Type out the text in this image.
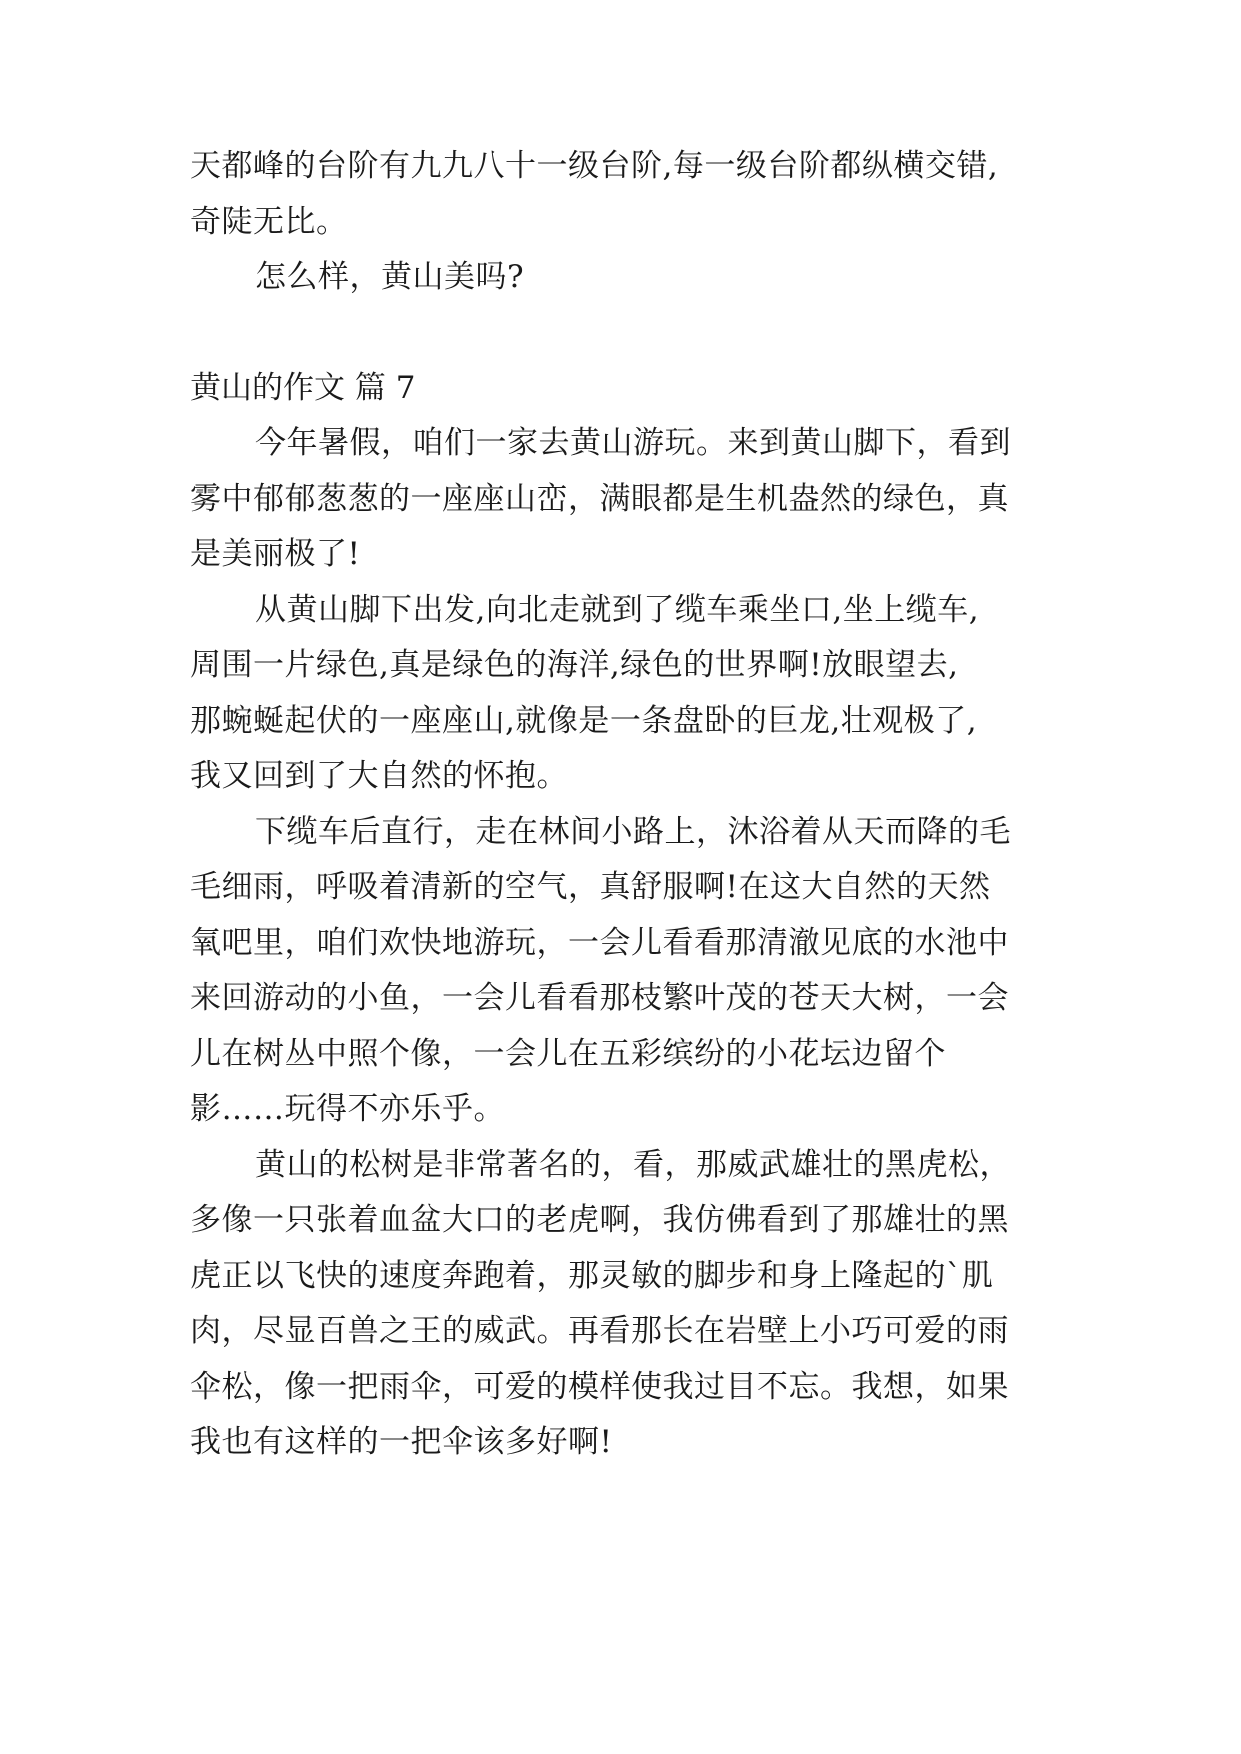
天都峰的台阶有九九八十一级台阶,每一级台阶都纵横交错,
奇陡无比。
怎么样，黄山美吗?
黄山的作文 篇 7
今年暑假，咱们一家去黄山游玩。来到黄山脚下，看到
雾中郁郁葱葱的一座座山峦，满眼都是生机盎然的绿色，真
是美丽极了!
从黄山脚下出发,向北走就到了缆车乘坐口,坐上缆车,
周围一片绿色,真是绿色的海洋,绿色的世界啊!放眼望去,
那蜿蜒起伏的一座座山,就像是一条盘卧的巨龙,壮观极了,
我又回到了大自然的怀抱。
下缆车后直行，走在林间小路上，沐浴着从天而降的毛
毛细雨，呼吸着清新的空气，真舒服啊!在这大自然的天然
氧吧里，咱们欢快地游玩，一会儿看看那清澈见底的水池中
来回游动的小鱼，一会儿看看那枝繁叶茂的苍天大树，一会
儿在树丛中照个像，一会儿在五彩缤纷的小花坛边留个
影……玩得不亦乐乎。
黄山的松树是非常著名的，看，那威武雄壮的黑虎松，
多像一只张着血盆大口的老虎啊，我仿佛看到了那雄壮的黑
虎正以飞快的速度奔跑着，那灵敏的脚步和身上隆起的`肌
肉，尽显百兽之王的威武。再看那长在岩壁上小巧可爱的雨
伞松，像一把雨伞，可爱的模样使我过目不忘。我想，如果
我也有这样的一把伞该多好啊!
